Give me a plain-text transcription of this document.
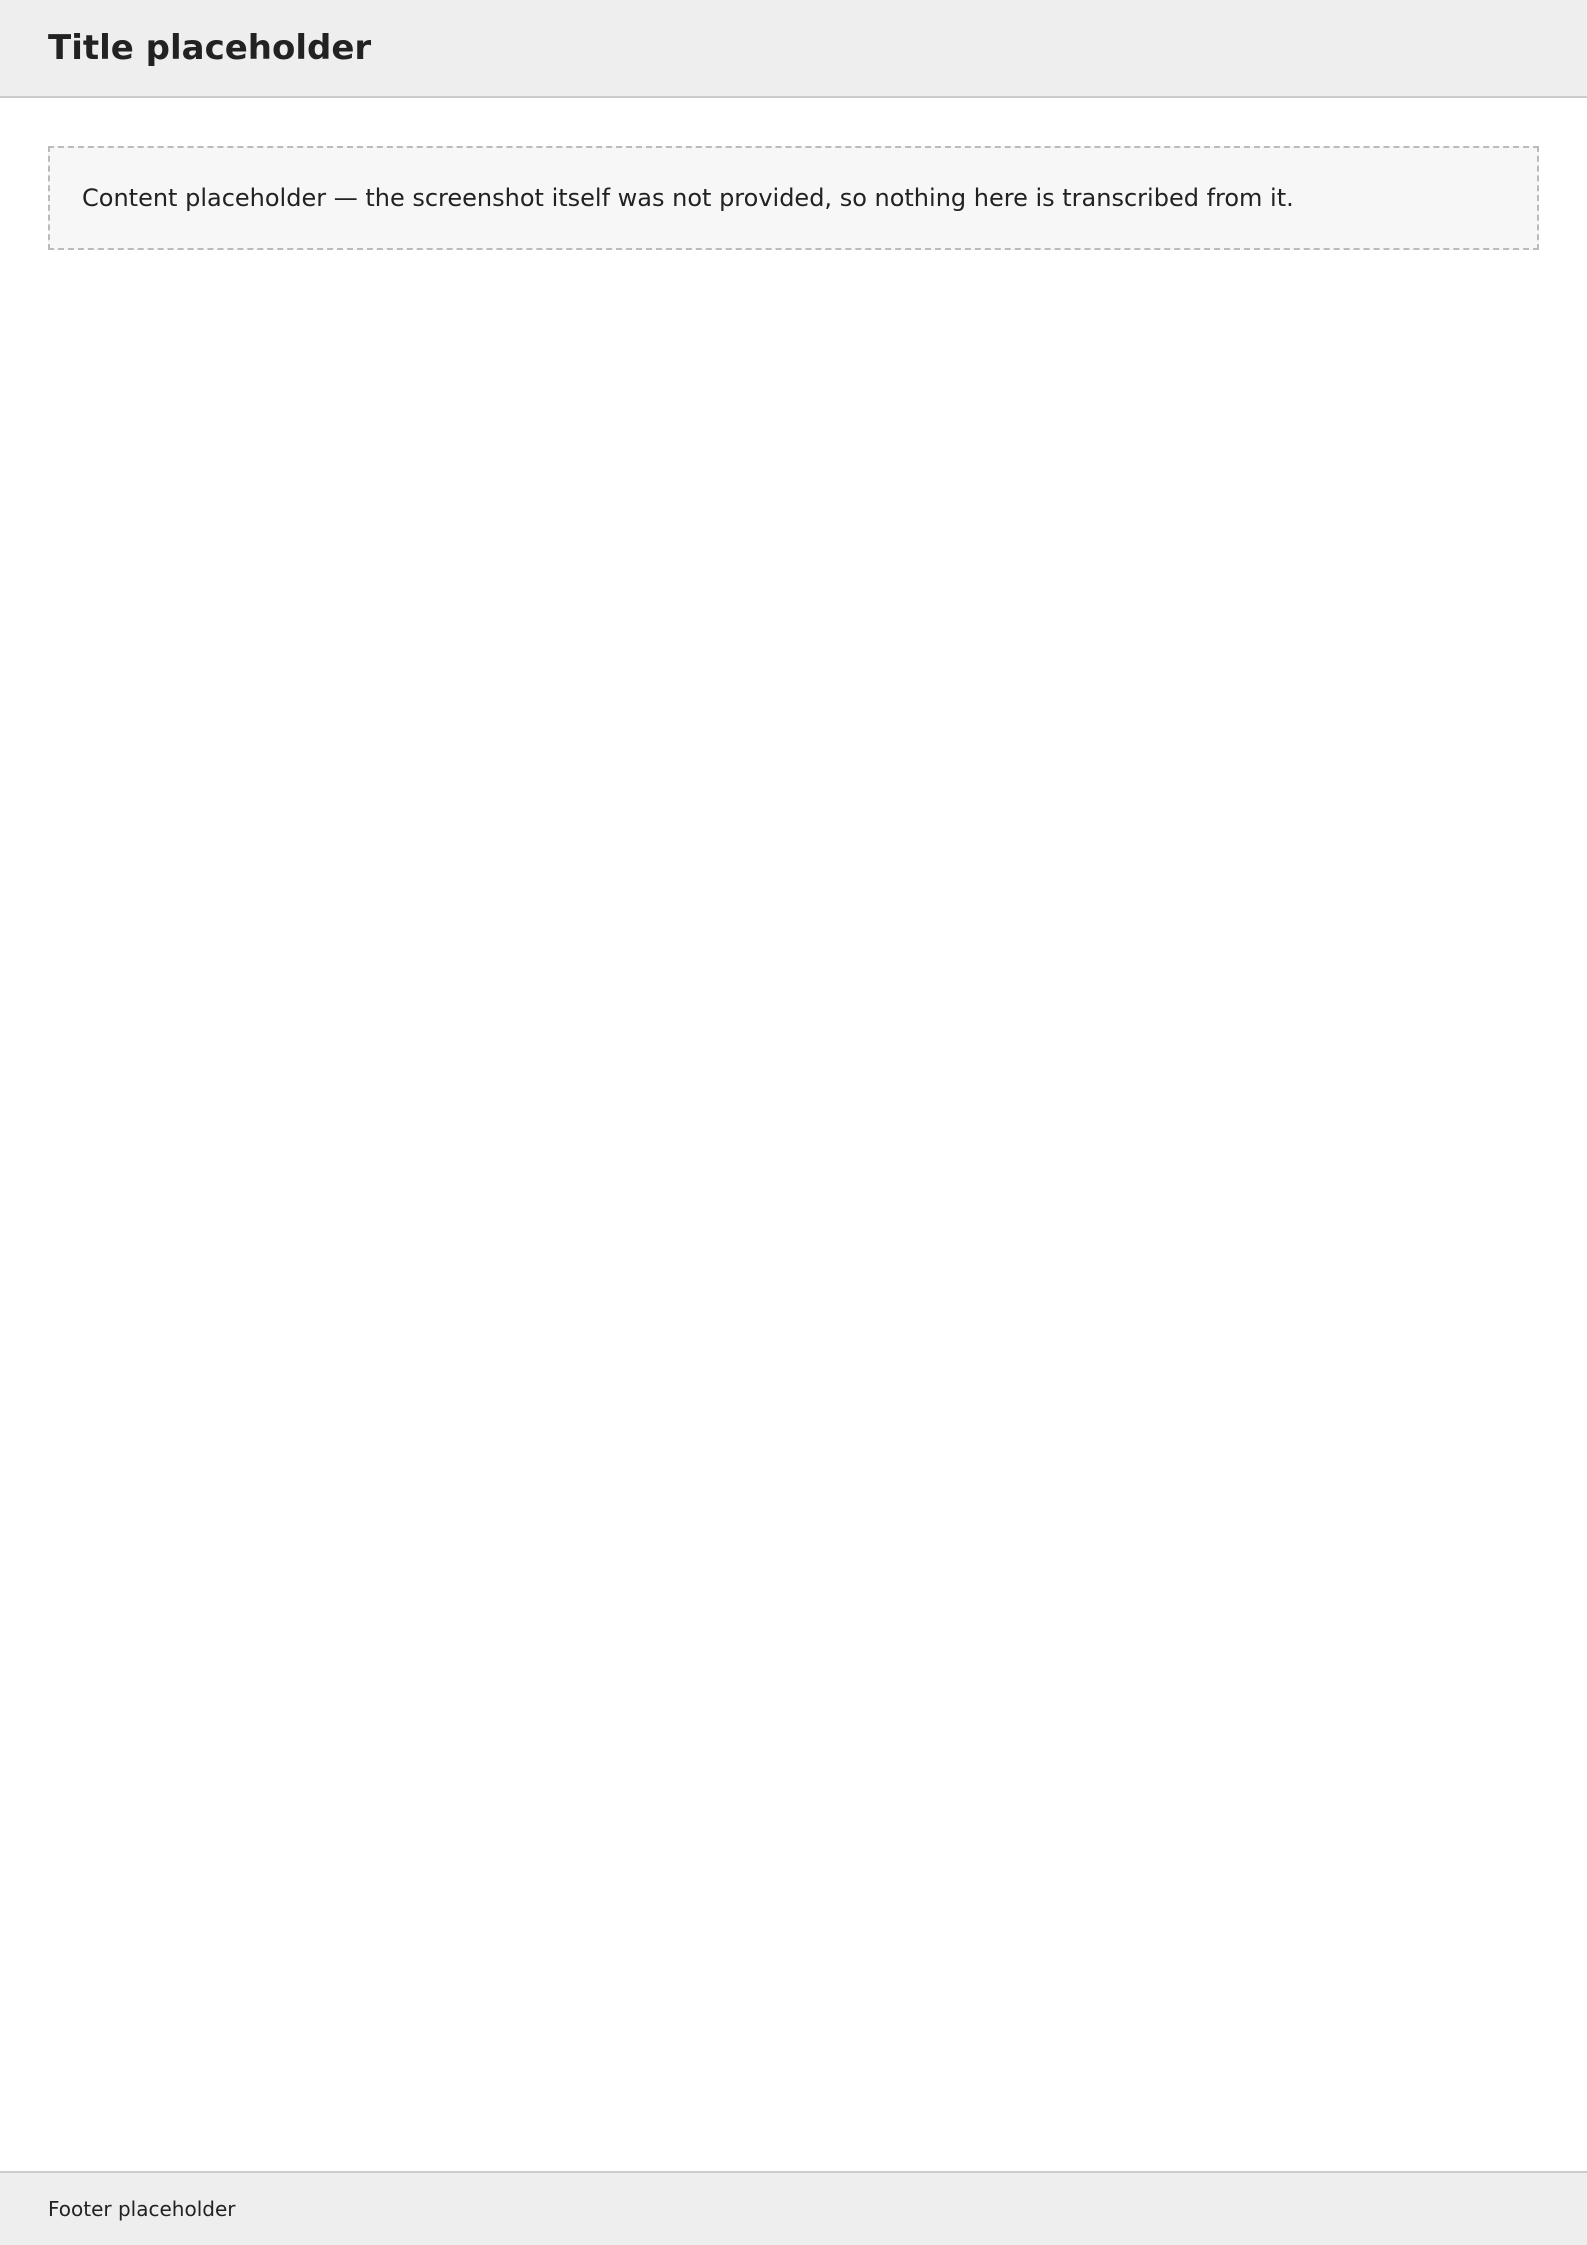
Title placeholder
Content placeholder — the screenshot itself was not provided, so nothing here is transcribed from it.
Footer placeholder
